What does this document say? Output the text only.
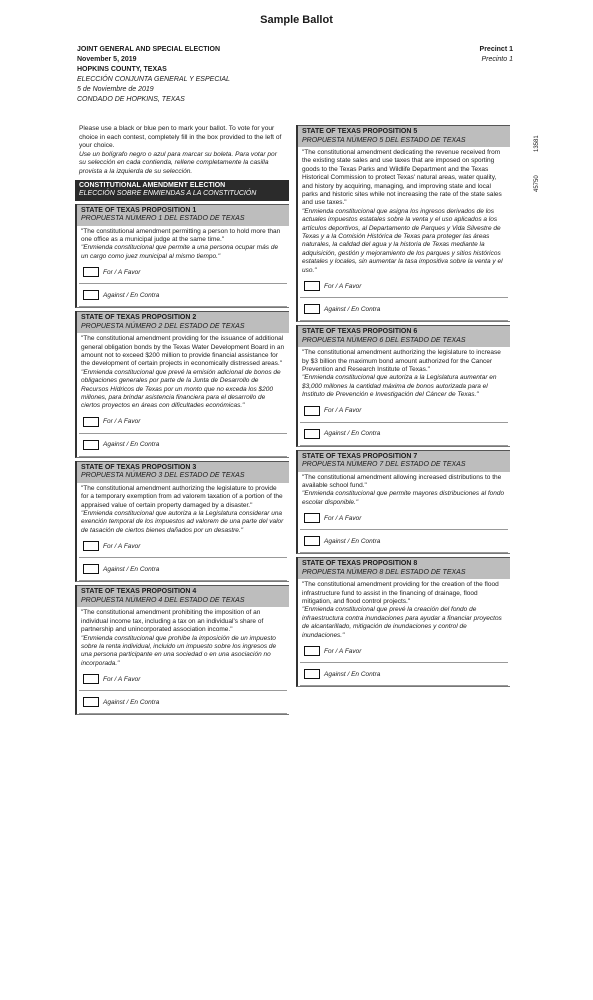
Sample Ballot
JOINT GENERAL AND SPECIAL ELECTION
November 5, 2019
HOPKINS COUNTY, TEXAS
ELECCIÓN CONJUNTA GENERAL Y ESPECIAL
5 de Noviembre de 2019
CONDADO DE HOPKINS, TEXAS
Precinct 1
Precinto 1
13581
45750
Please use a black or blue pen to mark your ballot. To vote for your choice in each contest, completely fill in the box provided to the left of your choice.
Use un bolígrafo negro o azul para marcar su boleta. Para votar por su selección en cada contienda, rellene completamente la casilla provista a la izquierda de su selección.
CONSTITUTIONAL AMENDMENT ELECTION
ELECCIÓN SOBRE ENMIENDAS A LA CONSTITUCIÓN
STATE OF TEXAS PROPOSITION 1
PROPUESTA NÚMERO 1 DEL ESTADO DE TEXAS
"The constitutional amendment permitting a person to hold more than one office as a municipal judge at the same time."
"Enmienda constitucional que permite a una persona ocupar más de un cargo como juez municipal al mismo tiempo."
For / A Favor
Against / En Contra
STATE OF TEXAS PROPOSITION 2
PROPUESTA NÚMERO 2 DEL ESTADO DE TEXAS
"The constitutional amendment providing for the issuance of additional general obligation bonds by the Texas Water Development Board in an amount not to exceed $200 million to provide financial assistance for the development of certain projects in economically distressed areas."
"Enmienda constitucional que prevé la emisión adicional de bonos de obligaciones generales por parte de la Junta de Desarrollo de Recursos Hídricos de Texas por un monto que no exceda los $200 millones, para brindar asistencia financiera para el desarrollo de ciertos proyectos en áreas con dificultades económicas."
For / A Favor
Against / En Contra
STATE OF TEXAS PROPOSITION 3
PROPUESTA NÚMERO 3 DEL ESTADO DE TEXAS
"The constitutional amendment authorizing the legislature to provide for a temporary exemption from ad valorem taxation of a portion of the appraised value of certain property damaged by a disaster."
"Enmienda constitucional que autoriza a la Legislatura considerar una exención temporal de los impuestos ad valorem de una parte del valor de tasación de ciertos bienes dañados por un desastre."
For / A Favor
Against / En Contra
STATE OF TEXAS PROPOSITION 4
PROPUESTA NÚMERO 4 DEL ESTADO DE TEXAS
"The constitutional amendment prohibiting the imposition of an individual income tax, including a tax on an individual's share of partnership and unincorporated association income."
"Enmienda constitucional que prohíbe la imposición de un impuesto sobre la renta individual, incluido un impuesto sobre los ingresos de una persona participante en una sociedad o en una asociación no incorporada."
For / A Favor
Against / En Contra
STATE OF TEXAS PROPOSITION 5
PROPUESTA NÚMERO 5 DEL ESTADO DE TEXAS
"The constitutional amendment dedicating the revenue received from the existing state sales and use taxes that are imposed on sporting goods to the Texas Parks and Wildlife Department and the Texas Historical Commission to protect Texas' natural areas, water quality, and history by acquiring, managing, and improving state and local parks and historic sites while not increasing the rate of the state sales and use taxes."
"Enmienda constitucional que asigna los ingresos derivados de los actuales impuestos estatales sobre la venta y el uso aplicados a los artículos deportivos, al Departamento de Parques y Vida Silvestre de Texas y a la Comisión Histórica de Texas para proteger las áreas naturales, la calidad del agua y la historia de Texas mediante la adquisición, gestión y mejoramiento de los parques y sitios históricos estatales y locales, sin aumentar la tasa impositiva sobre la venta y el uso."
For / A Favor
Against / En Contra
STATE OF TEXAS PROPOSITION 6
PROPUESTA NÚMERO 6 DEL ESTADO DE TEXAS
"The constitutional amendment authorizing the legislature to increase by $3 billion the maximum bond amount authorized for the Cancer Prevention and Research Institute of Texas."
"Enmienda constitucional que autoriza a la Legislatura aumentar en $3,000 millones la cantidad máxima de bonos autorizada para el Instituto de Prevención e Investigación del Cáncer de Texas."
For / A Favor
Against / En Contra
STATE OF TEXAS PROPOSITION 7
PROPUESTA NÚMERO 7 DEL ESTADO DE TEXAS
"The constitutional amendment allowing increased distributions to the available school fund."
"Enmienda constitucional que permite mayores distribuciones al fondo escolar disponible."
For / A Favor
Against / En Contra
STATE OF TEXAS PROPOSITION 8
PROPUESTA NÚMERO 8 DEL ESTADO DE TEXAS
"The constitutional amendment providing for the creation of the flood infrastructure fund to assist in the financing of drainage, flood mitigation, and flood control projects."
"Enmienda constitucional que prevé la creación del fondo de infraestructura contra inundaciones para ayudar a financiar proyectos de alcantarillado, mitigación de inundaciones y control de inundaciones."
For / A Favor
Against / En Contra
